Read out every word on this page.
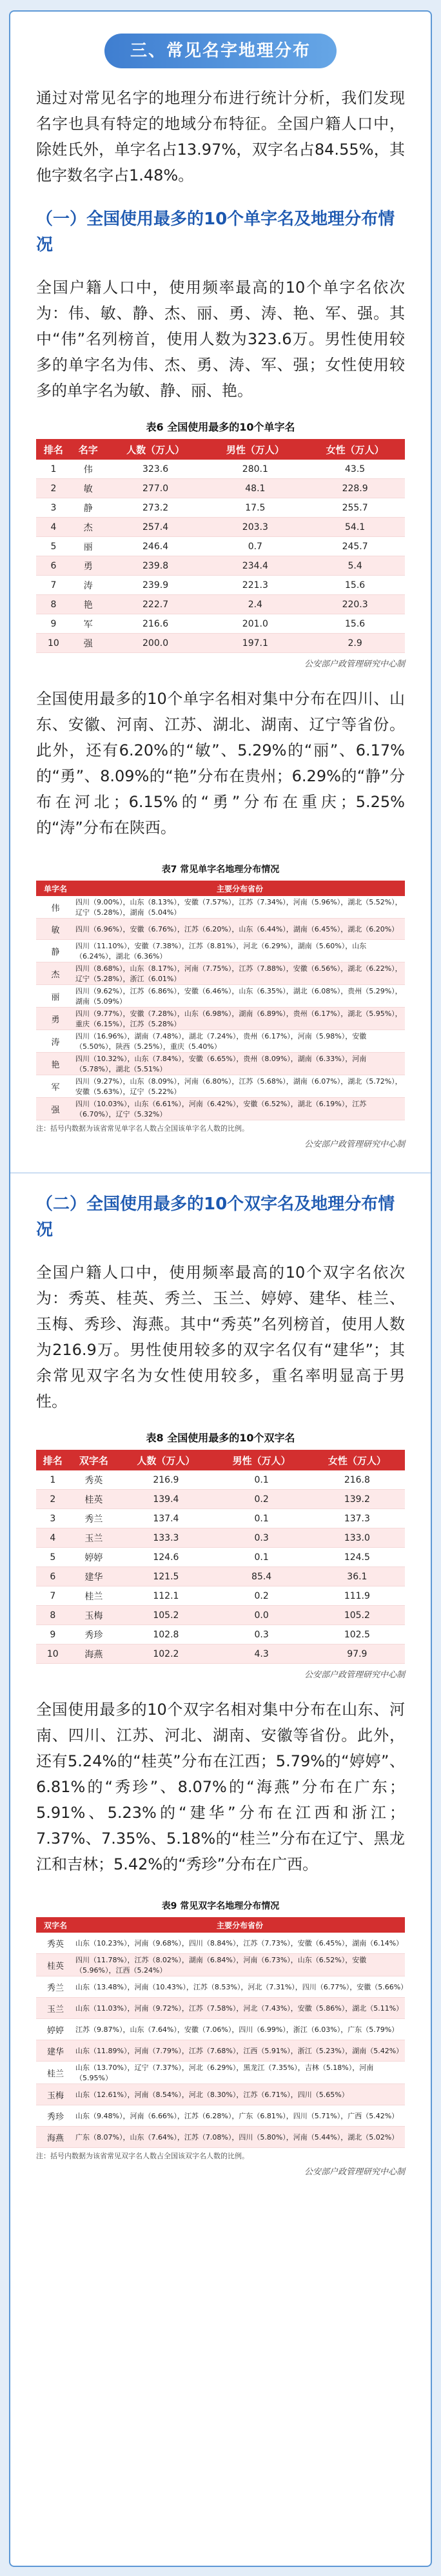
三、常见名字地理分布

通过对常见名字的地理分布进行统计分析，我们发现名字也具有特定的地域分布特征。全国户籍人口中，除姓氏外，单字名占13.97%，双字名占84.55%，其他字数名字占1.48%。

（一）全国使用最多的10个单字名及地理分布情况

全国户籍人口中，使用频率最高的10个单字名依次为：伟、敏、静、杰、丽、勇、涛、艳、军、强。其中“伟”名列榜首，使用人数为323.6万。男性使用较多的单字名为伟、杰、勇、涛、军、强；女性使用较多的单字名为敏、静、丽、艳。

表6 全国使用最多的10个单字名
排名	名字	人数（万人）	男性（万人）	女性（万人）
1	伟	323.6	280.1	43.5
2	敏	277.0	48.1	228.9
3	静	273.2	17.5	255.7
4	杰	257.4	203.3	54.1
5	丽	246.4	0.7	245.7
6	勇	239.8	234.4	5.4
7	涛	239.9	221.3	15.6
8	艳	222.7	2.4	220.3
9	军	216.6	201.0	15.6
10	强	200.0	197.1	2.9
公安部户政管理研究中心制

全国使用最多的10个单字名相对集中分布在四川、山东、安徽、河南、江苏、湖北、湖南、辽宁等省份。此外，还有6.20%的“敏”、5.29%的“丽”、6.17%的“勇”、8.09%的“艳”分布在贵州；6.29%的“静”分布在河北；6.15%的“勇”分布在重庆；5.25%的“涛”分布在陕西。

表7 常见单字名地理分布情况
单字名	主要分布省份
伟	四川（9.00%），山东（8.13%），安徽（7.57%），江苏（7.34%），河南（5.96%），湖北（5.52%），辽宁（5.28%），湖南（5.04%）
敏	四川（6.96%），安徽（6.76%），江苏（6.20%），山东（6.44%），湖南（6.45%），湖北（6.20%）
静	四川（11.10%），安徽（7.38%），江苏（8.81%），河北（6.29%），湖南（5.60%），山东（6.24%），湖北（6.36%）
杰	四川（8.68%），山东（8.17%），河南（7.75%），江苏（7.88%），安徽（6.56%），湖北（6.22%），辽宁（5.28%），浙江（6.01%）
丽	四川（9.62%），江苏（6.86%），安徽（6.46%），山东（6.35%），湖北（6.08%），贵州（5.29%），湖南（5.09%）
勇	四川（9.77%），安徽（7.28%），山东（6.98%），湖南（6.89%），贵州（6.17%），湖北（5.95%），重庆（6.15%），江苏（5.28%）
涛	四川（16.96%），湖南（7.48%），湖北（7.24%），贵州（6.17%），河南（5.98%），安徽（5.50%），陕西（5.25%），重庆（5.40%）
艳	四川（10.32%），山东（7.84%），安徽（6.65%），贵州（8.09%），湖南（6.33%），河南（5.78%），湖北（5.51%）
军	四川（9.27%），山东（8.09%），河南（6.80%），江苏（5.68%），湖南（6.07%），湖北（5.72%），安徽（5.63%），辽宁（5.22%）
强	四川（10.03%），山东（6.61%），河南（6.42%），安徽（6.52%），湖北（6.19%），江苏（6.70%），辽宁（5.32%）
注：括号内数据为该省常见单字名人数占全国该单字名人数的比例。
公安部户政管理研究中心制
（二）全国使用最多的10个双字名及地理分布情况

全国户籍人口中，使用频率最高的10个双字名依次为：秀英、桂英、秀兰、玉兰、婷婷、建华、桂兰、玉梅、秀珍、海燕。其中“秀英”名列榜首，使用人数为216.9万。男性使用较多的双字名仅有“建华”；其余常见双字名为女性使用较多，重名率明显高于男性。

表8 全国使用最多的10个双字名
排名	双字名	人数（万人）	男性（万人）	女性（万人）
1	秀英	216.9	0.1	216.8
2	桂英	139.4	0.2	139.2
3	秀兰	137.4	0.1	137.3
4	玉兰	133.3	0.3	133.0
5	婷婷	124.6	0.1	124.5
6	建华	121.5	85.4	36.1
7	桂兰	112.1	0.2	111.9
8	玉梅	105.2	0.0	105.2
9	秀珍	102.8	0.3	102.5
10	海燕	102.2	4.3	97.9
公安部户政管理研究中心制

全国使用最多的10个双字名相对集中分布在山东、河南、四川、江苏、河北、湖南、安徽等省份。此外，还有5.24%的“桂英”分布在江西；5.79%的“婷婷”、6.81%的“秀珍”、8.07%的“海燕”分布在广东；5.91%、5.23%的“建华”分布在江西和浙江；7.37%、7.35%、5.18%的“桂兰”分布在辽宁、黑龙江和吉林；5.42%的“秀珍”分布在广西。

表9 常见双字名地理分布情况
双字名	主要分布省份
秀英	山东（10.23%），河南（9.68%），四川（8.84%），江苏（7.73%），安徽（6.45%），湖南（6.14%）
桂英	四川（11.78%），江苏（8.02%），湖南（6.84%），河南（6.73%），山东（6.52%），安徽（5.96%），江西（5.24%）
秀兰	山东（13.48%），河南（10.43%），江苏（8.53%），河北（7.31%），四川（6.77%），安徽（5.66%）
玉兰	山东（11.03%），河南（9.72%），江苏（7.58%），河北（7.43%），安徽（5.86%），湖北（5.11%）
婷婷	江苏（9.87%），山东（7.64%），安徽（7.06%），四川（6.99%），浙江（6.03%），广东（5.79%）
建华	山东（11.89%），河南（7.79%），江苏（7.68%），江西（5.91%），浙江（5.23%），湖南（5.42%）
桂兰	山东（13.70%），辽宁（7.37%），河北（6.29%），黑龙江（7.35%），吉林（5.18%），河南（5.95%）
玉梅	山东（12.61%），河南（8.54%），河北（8.30%），江苏（6.71%），四川（5.65%）
秀珍	山东（9.48%），河南（6.66%），江苏（6.28%），广东（6.81%），四川（5.71%），广西（5.42%）
海燕	广东（8.07%），山东（7.64%），江苏（7.08%），四川（5.80%），河南（5.44%），湖北（5.02%）
注：括号内数据为该省常见双字名人数占全国该双字名人数的比例。
公安部户政管理研究中心制
